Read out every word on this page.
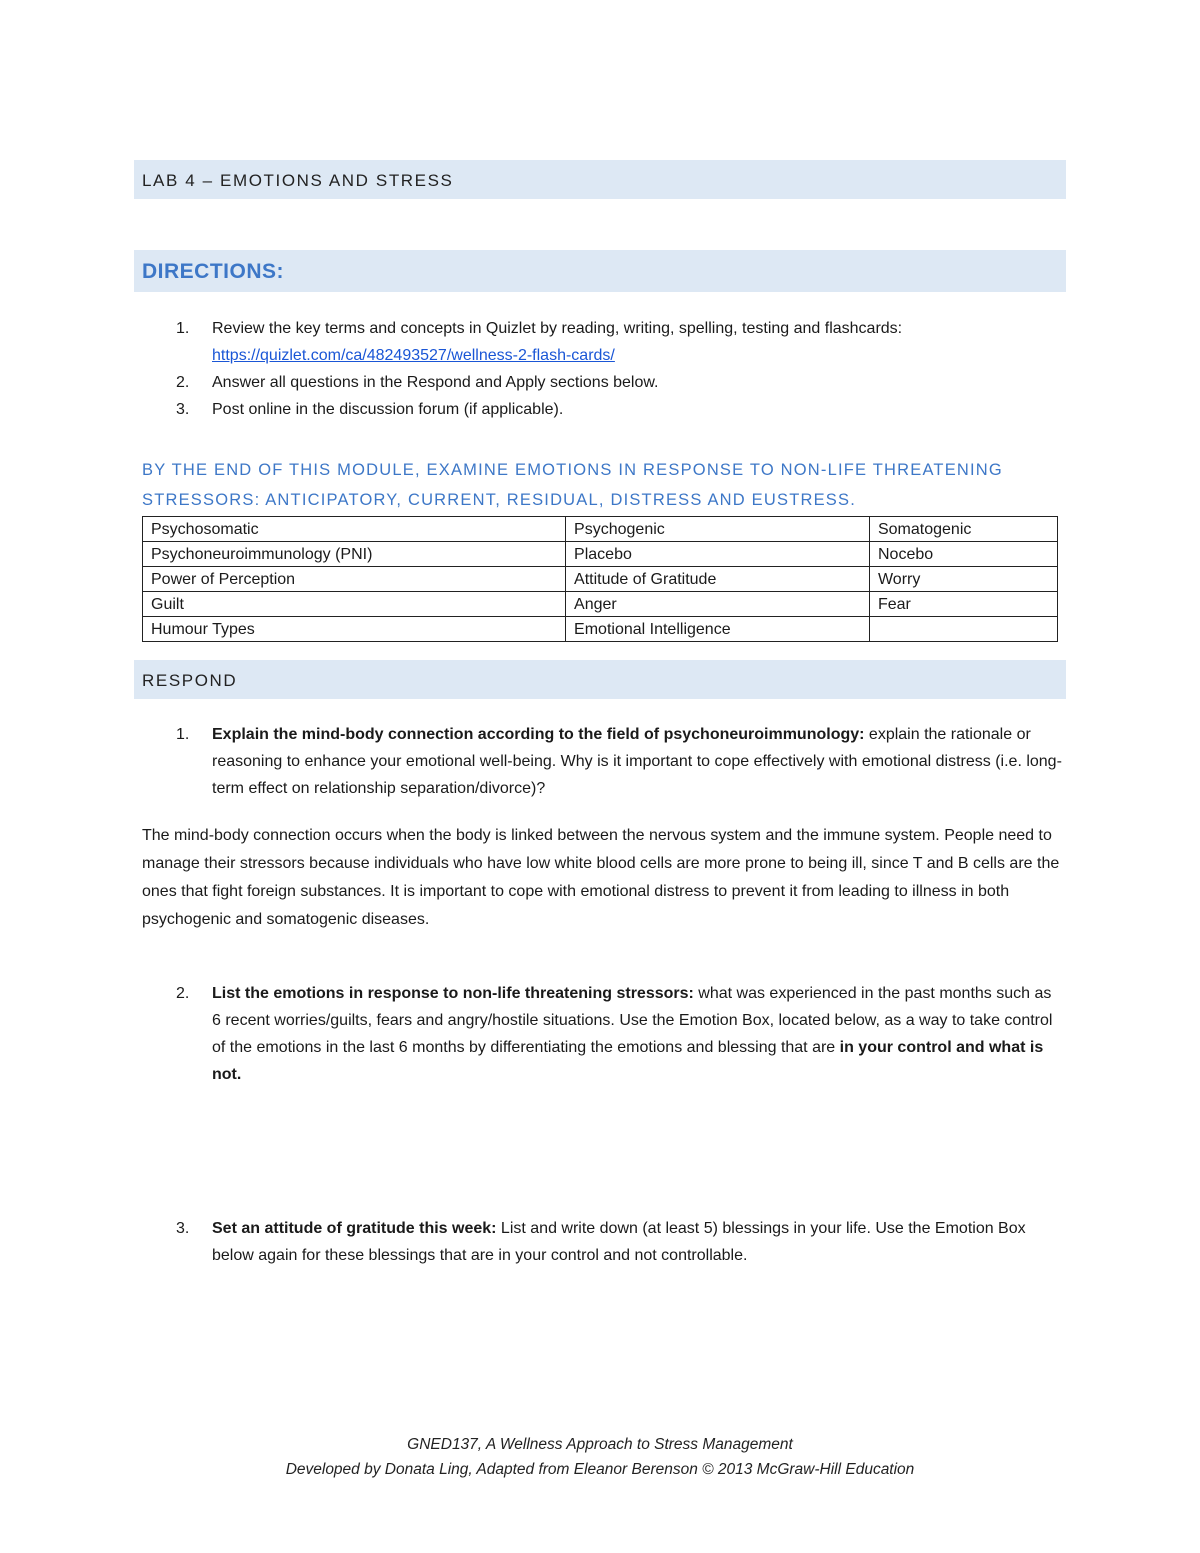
LAB 4 – EMOTIONS AND STRESS
DIRECTIONS:
1. Review the key terms and concepts in Quizlet by reading, writing, spelling, testing and flashcards:
https://quizlet.com/ca/482493527/wellness-2-flash-cards/
2. Answer all questions in the Respond and Apply sections below.
3. Post online in the discussion forum (if applicable).
BY THE END OF THIS MODULE, EXAMINE EMOTIONS IN RESPONSE TO NON-LIFE THREATENING STRESSORS: ANTICIPATORY, CURRENT, RESIDUAL, DISTRESS AND EUSTRESS.
Psychosomatic	Psychogenic	Somatogenic
Psychoneuroimmunology (PNI)	Placebo	Nocebo
Power of Perception	Attitude of Gratitude	Worry
Guilt	Anger	Fear
Humour Types	Emotional Intelligence	
RESPOND
1. Explain the mind-body connection according to the field of psychoneuroimmunology: explain the rationale or reasoning to enhance your emotional well-being. Why is it important to cope effectively with emotional distress (i.e. long-term effect on relationship separation/divorce)?
The mind-body connection occurs when the body is linked between the nervous system and the immune system. People need to manage their stressors because individuals who have low white blood cells are more prone to being ill, since T and B cells are the ones that fight foreign substances. It is important to cope with emotional distress to prevent it from leading to illness in both psychogenic and somatogenic diseases.
2. List the emotions in response to non-life threatening stressors: what was experienced in the past months such as 6 recent worries/guilts, fears and angry/hostile situations. Use the Emotion Box, located below, as a way to take control of the emotions in the last 6 months by differentiating the emotions and blessing that are in your control and what is not.
3. Set an attitude of gratitude this week: List and write down (at least 5) blessings in your life. Use the Emotion Box below again for these blessings that are in your control and not controllable.
GNED137, A Wellness Approach to Stress Management
Developed by Donata Ling, Adapted from Eleanor Berenson © 2013 McGraw-Hill Education
